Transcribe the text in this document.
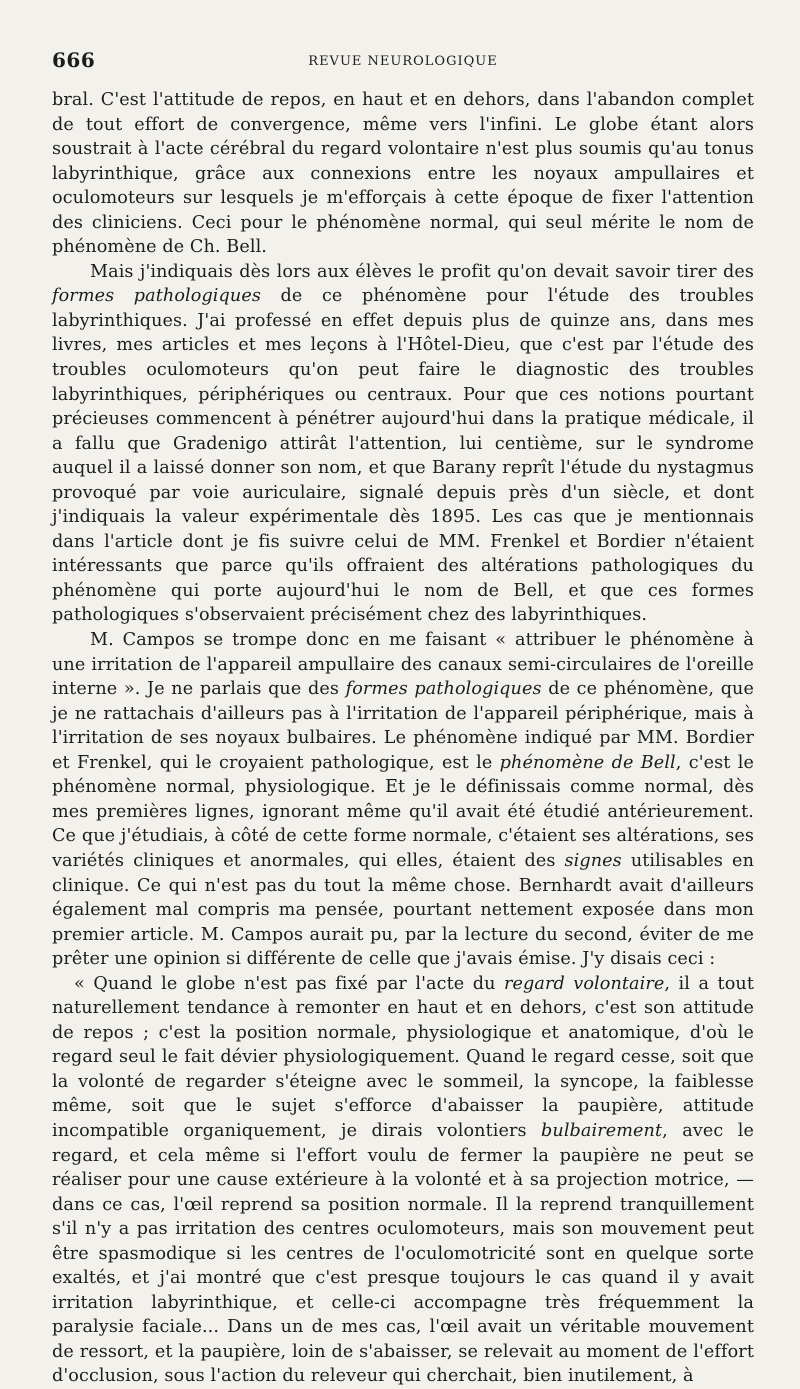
666	REVUE NEUROLOGIQUE

bral. C'est l'attitude de repos, en haut et en dehors, dans l'abandon complet de tout effort de convergence, même vers l'infini. Le globe étant alors soustrait à l'acte cérébral du regard volontaire n'est plus soumis qu'au tonus labyrinthique, grâce aux connexions entre les noyaux ampullaires et oculomoteurs sur lesquels je m'efforçais à cette époque de fixer l'attention des cliniciens. Ceci pour le phénomène normal, qui seul mérite le nom de phénomène de Ch. Bell.

Mais j'indiquais dès lors aux élèves le profit qu'on devait savoir tirer des formes pathologiques de ce phénomène pour l'étude des troubles labyrinthiques. J'ai professé en effet depuis plus de quinze ans, dans mes livres, mes articles et mes leçons à l'Hôtel-Dieu, que c'est par l'étude des troubles oculomoteurs qu'on peut faire le diagnostic des troubles labyrinthiques, périphériques ou centraux. Pour que ces notions pourtant précieuses commencent à pénétrer aujourd'hui dans la pratique médicale, il a fallu que Gradenigo attirât l'attention, lui centième, sur le syndrome auquel il a laissé donner son nom, et que Barany reprît l'étude du nystagmus provoqué par voie auriculaire, signalé depuis près d'un siècle, et dont j'indiquais la valeur expérimentale dès 1895. Les cas que je mentionnais dans l'article dont je fis suivre celui de MM. Frenkel et Bordier n'étaient intéressants que parce qu'ils offraient des altérations pathologiques du phénomène qui porte aujourd'hui le nom de Bell, et que ces formes pathologiques s'observaient précisément chez des labyrinthiques.

M. Campos se trompe donc en me faisant « attribuer le phénomène à une irritation de l'appareil ampullaire des canaux semi-circulaires de l'oreille interne ». Je ne parlais que des formes pathologiques de ce phénomène, que je ne rattachais d'ailleurs pas à l'irritation de l'appareil périphérique, mais à l'irritation de ses noyaux bulbaires. Le phénomène indiqué par MM. Bordier et Frenkel, qui le croyaient pathologique, est le phénomène de Bell, c'est le phénomène normal, physiologique. Et je le définissais comme normal, dès mes premières lignes, ignorant même qu'il avait été étudié antérieurement. Ce que j'étudiais, à côté de cette forme normale, c'étaient ses altérations, ses variétés cliniques et anormales, qui elles, étaient des signes utilisables en clinique. Ce qui n'est pas du tout la même chose. Bernhardt avait d'ailleurs également mal compris ma pensée, pourtant nettement exposée dans mon premier article. M. Campos aurait pu, par la lecture du second, éviter de me prêter une opinion si différente de celle que j'avais émise. J'y disais ceci :

« Quand le globe n'est pas fixé par l'acte du regard volontaire, il a tout naturellement tendance à remonter en haut et en dehors, c'est son attitude de repos ; c'est la position normale, physiologique et anatomique, d'où le regard seul le fait dévier physiologiquement. Quand le regard cesse, soit que la volonté de regarder s'éteigne avec le sommeil, la syncope, la faiblesse même, soit que le sujet s'efforce d'abaisser la paupière, attitude incompatible organiquement, je dirais volontiers bulbairement, avec le regard, et cela même si l'effort voulu de fermer la paupière ne peut se réaliser pour une cause extérieure à la volonté et à sa projection motrice, — dans ce cas, l'œil reprend sa position normale. Il la reprend tranquillement s'il n'y a pas irritation des centres oculomoteurs, mais son mouvement peut être spasmodique si les centres de l'oculomotricité sont en quelque sorte exaltés, et j'ai montré que c'est presque toujours le cas quand il y avait irritation labyrinthique, et celle-ci accompagne très fréquemment la paralysie faciale... Dans un de mes cas, l'œil avait un véritable mouvement de ressort, et la paupière, loin de s'abaisser, se relevait au moment de l'effort d'occlusion, sous l'action du releveur qui cherchait, bien inutilement, à
